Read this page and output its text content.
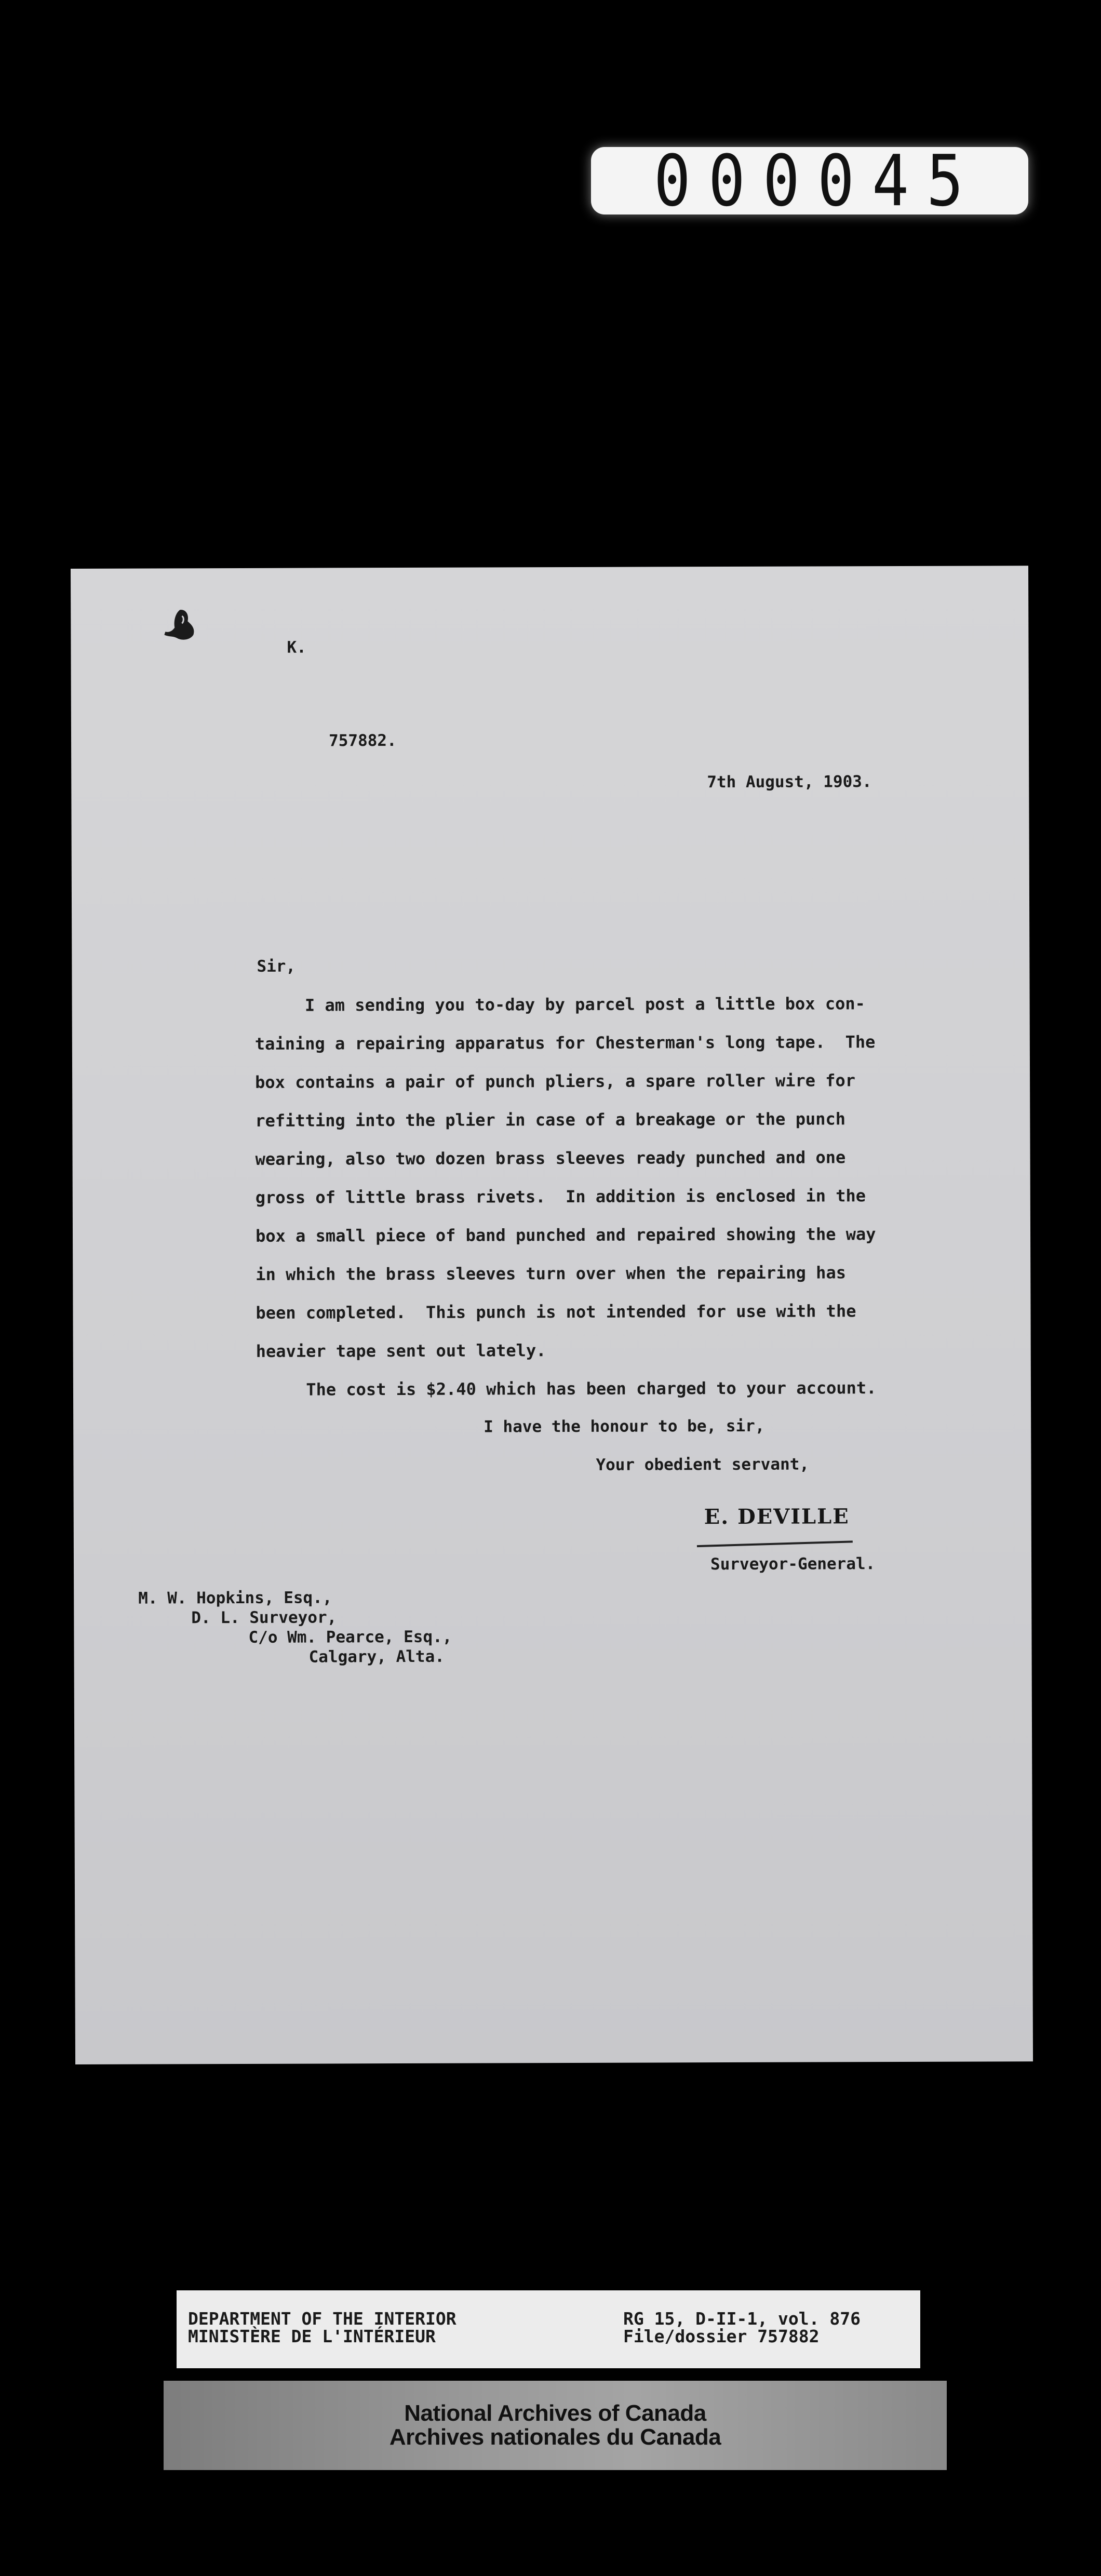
000045
K.
757882.
7th August, 1903.
Sir,
I am sending you to-day by parcel post a little box con-
taining a repairing apparatus for Chesterman's long tape.  The
box contains a pair of punch pliers, a spare roller wire for
refitting into the plier in case of a breakage or the punch
wearing, also two dozen brass sleeves ready punched and one
gross of little brass rivets.  In addition is enclosed in the
box a small piece of band punched and repaired showing the way
in which the brass sleeves turn over when the repairing has
been completed.  This punch is not intended for use with the
heavier tape sent out lately.
The cost is $2.40 which has been charged to your account.
I have the honour to be, sir,
Your obedient servant,
E. DEVILLE
Surveyor-General.
M. W. Hopkins, Esq.,
D. L. Surveyor,
C/o Wm. Pearce, Esq.,
Calgary, Alta.
DEPARTMENT OF THE INTERIOR
MINISTÈRE DE L'INTÉRIEUR
RG 15, D-II-1, vol. 876
File/dossier 757882
National Archives of Canada
Archives nationales du Canada
